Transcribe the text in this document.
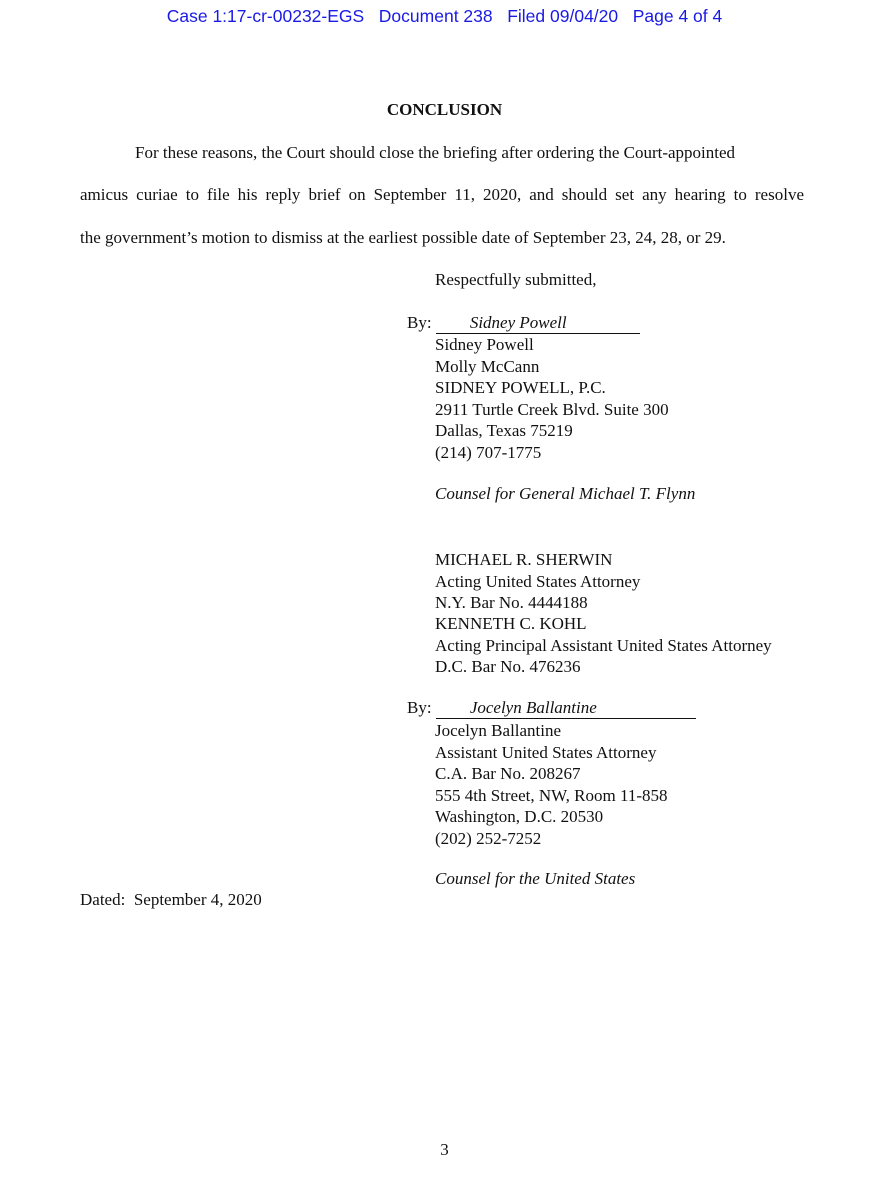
Case 1:17-cr-00232-EGS Document 238 Filed 09/04/20 Page 4 of 4
CONCLUSION
For these reasons, the Court should close the briefing after ordering the Court-appointed
amicus curiae to file his reply brief on September 11, 2020, and should set any hearing to resolve
the government’s motion to dismiss at the earliest possible date of September 23, 24, 28, or 29.
Respectfully submitted,
By: Sidney Powell
Sidney Powell
Molly McCann
SIDNEY POWELL, P.C.
2911 Turtle Creek Blvd. Suite 300
Dallas, Texas 75219
(214) 707-1775
Counsel for General Michael T. Flynn
MICHAEL R. SHERWIN
Acting United States Attorney
N.Y. Bar No. 4444188
KENNETH C. KOHL
Acting Principal Assistant United States Attorney
D.C. Bar No. 476236
By: Jocelyn Ballantine
Jocelyn Ballantine
Assistant United States Attorney
C.A. Bar No. 208267
555 4th Street, NW, Room 11-858
Washington, D.C. 20530
(202) 252-7252
Counsel for the United States
Dated:  September 4, 2020
3
